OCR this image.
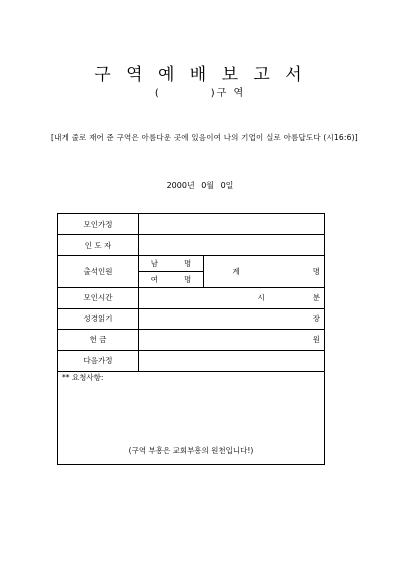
구 역 예 배 보 고 서
(	)구 역
[내게 줄로 재어 준 구역은 아름다운 곳에 있음이여 나의 기업이 실로 아름답도다 (시16:6)]
2000년 0월 0일
모인가정			
인 도 자			
출석인원	남 명	계	명
	여 명		
모인시간	시 분		
성경읽기	장		
헌 금	원		
다음가정			

** 요청사항:
(구역 부흥은 교회부흥의 원천입니다!)			
